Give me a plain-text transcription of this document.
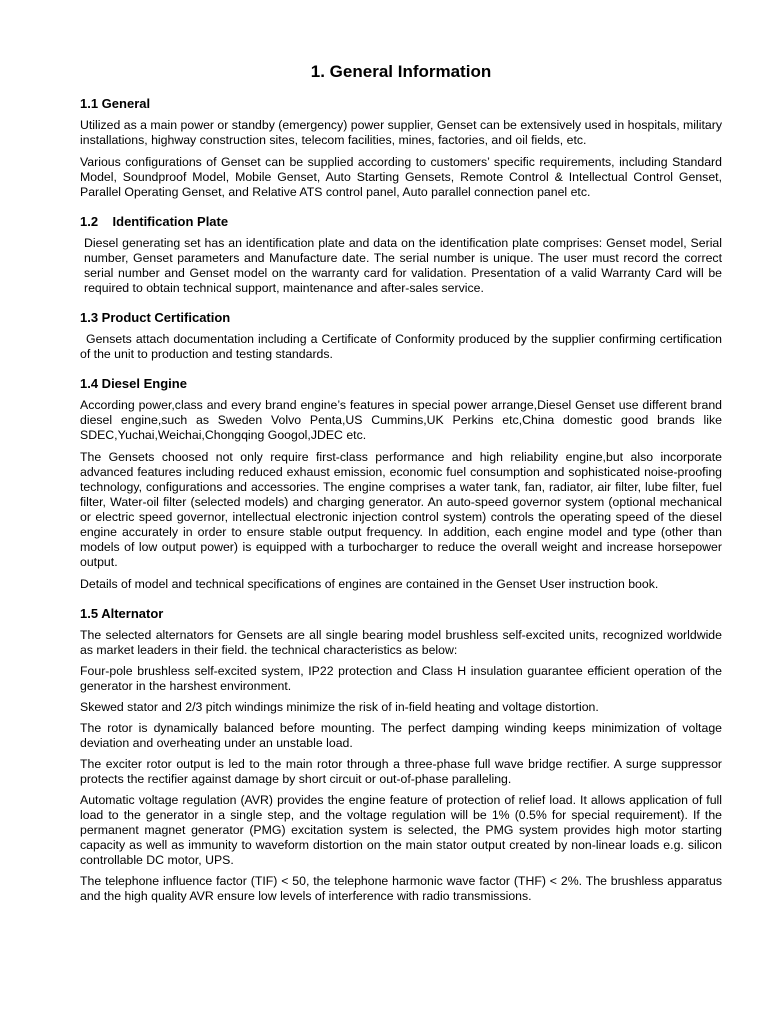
1. General Information
1.1 General

Utilized as a main power or standby (emergency) power supplier, Genset can be extensively used in hospitals, military installations, highway construction sites, telecom facilities, mines, factories, and oil fields, etc.

Various configurations of Genset can be supplied according to customers’ specific requirements, including Standard Model, Soundproof Model, Mobile Genset, Auto Starting Gensets, Remote Control & Intellectual Control Genset, Parallel Operating Genset, and Relative ATS control panel, Auto parallel connection panel etc.

1.2    Identification Plate

Diesel generating set has an identification plate and data on the identification plate comprises: Genset model, Serial number, Genset parameters and Manufacture date. The serial number is unique. The user must record the correct serial number and Genset model on the warranty card for validation. Presentation of a valid Warranty Card will be required to obtain technical support, maintenance and after-sales service.

1.3 Product Certification

Gensets attach documentation including a Certificate of Conformity produced by the supplier confirming certification of the unit to production and testing standards.

1.4 Diesel Engine

According power,class and every brand engine’s features in special power arrange,Diesel Genset use different brand diesel engine,such as Sweden Volvo Penta,US Cummins,UK Perkins etc,China domestic good brands like SDEC,Yuchai,Weichai,Chongqing Googol,JDEC etc.

The Gensets choosed not only require first-class performance and high reliability engine,but also incorporate advanced features including reduced exhaust emission, economic fuel consumption and sophisticated noise-proofing technology, configurations and accessories. The engine comprises a water tank, fan, radiator, air filter, lube filter, fuel filter, Water-oil filter (selected models) and charging generator. An auto-speed governor system (optional mechanical or electric speed governor, intellectual electronic injection control system) controls the operating speed of the diesel engine accurately in order to ensure stable output frequency. In addition, each engine model and type (other than models of low output power) is equipped with a turbocharger to reduce the overall weight and increase horsepower output.

Details of model and technical specifications of engines are contained in the Genset User instruction book.

1.5 Alternator

The selected alternators for Gensets are all single bearing model brushless self-excited units, recognized worldwide as market leaders in their field. the technical characteristics as below:

Four-pole brushless self-excited system, IP22 protection and Class H insulation guarantee efficient operation of the generator in the harshest environment.

Skewed stator and 2/3 pitch windings minimize the risk of in-field heating and voltage distortion.

The rotor is dynamically balanced before mounting. The perfect damping winding keeps minimization of voltage deviation and overheating under an unstable load.

The exciter rotor output is led to the main rotor through a three-phase full wave bridge rectifier. A surge suppressor protects the rectifier against damage by short circuit or out-of-phase paralleling.

Automatic voltage regulation (AVR) provides the engine feature of protection of relief load. It allows application of full load to the generator in a single step, and the voltage regulation will be 1% (0.5% for special requirement). If the permanent magnet generator (PMG) excitation system is selected, the PMG system provides high motor starting capacity as well as immunity to waveform distortion on the main stator output created by non-linear loads e.g. silicon controllable DC motor, UPS.

The telephone influence factor (TIF) < 50, the telephone harmonic wave factor (THF) < 2%. The brushless apparatus and the high quality AVR ensure low levels of interference with radio transmissions.
